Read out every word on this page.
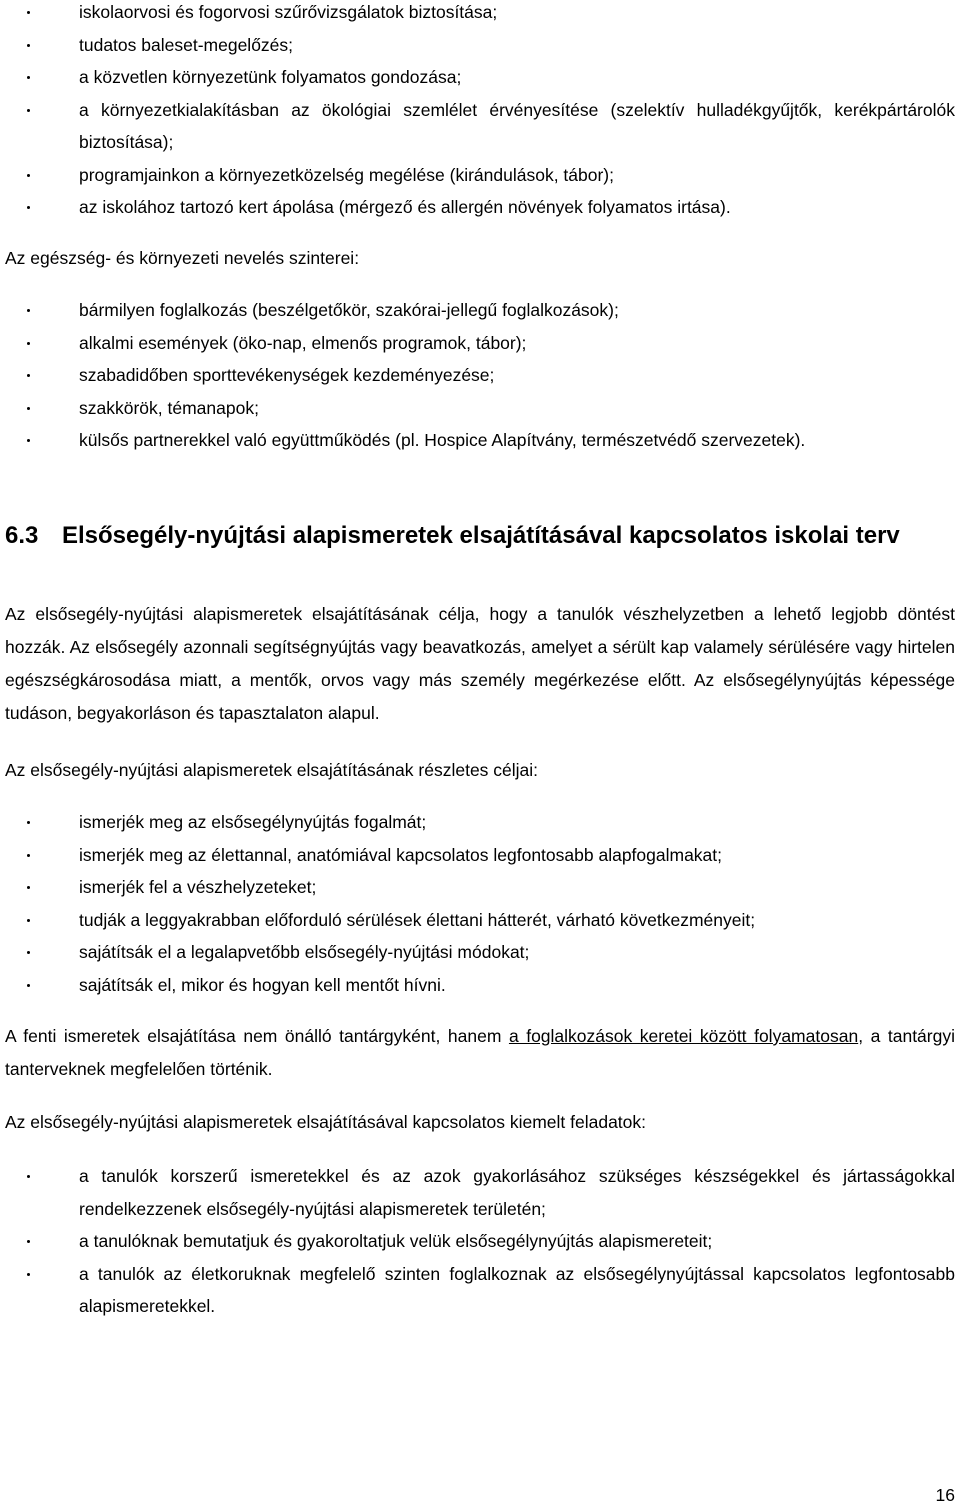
iskolaorvosi és fogorvosi szűrővizsgálatok biztosítása;
tudatos baleset-megelőzés;
a közvetlen környezetünk folyamatos gondozása;
a környezetkialakításban az ökológiai szemlélet érvényesítése (szelektív hulladékgyűjtők, kerékpártárolók biztosítása);
programjainkon a környezetközelség megélése (kirándulások, tábor);
az iskolához tartozó kert ápolása (mérgező és allergén növények folyamatos irtása).

Az egészség- és környezeti nevelés szinterei:

bármilyen foglalkozás (beszélgetőkör, szakórai-jellegű foglalkozások);
alkalmi események (öko-nap, elmenős programok, tábor);
szabadidőben sporttevékenységek kezdeményezése;
szakkörök, témanapok;
külsős partnerekkel való együttműködés (pl. Hospice Alapítvány, természetvédő szervezetek).
6.3 Elsősegély-nyújtási alapismeretek elsajátításával kapcsolatos iskolai terv

Az elsősegély-nyújtási alapismeretek elsajátításának célja, hogy a tanulók vészhelyzetben a lehető legjobb döntést hozzák. Az elsősegély azonnali segítségnyújtás vagy beavatkozás, amelyet a sérült kap valamely sérülésére vagy hirtelen egészségkárosodása miatt, a mentők, orvos vagy más személy megérkezése előtt. Az elsősegélynyújtás képessége tudáson, begyakorláson és tapasztalaton alapul.

Az elsősegély-nyújtási alapismeretek elsajátításának részletes céljai:

ismerjék meg az elsősegélynyújtás fogalmát;
ismerjék meg az élettannal, anatómiával kapcsolatos legfontosabb alapfogalmakat;
ismerjék fel a vészhelyzeteket;
tudják a leggyakrabban előforduló sérülések élettani hátterét, várható következményeit;
sajátítsák el a legalapvetőbb elsősegély-nyújtási módokat;
sajátítsák el, mikor és hogyan kell mentőt hívni.

A fenti ismeretek elsajátítása nem önálló tantárgyként, hanem a foglalkozások keretei között folyamatosan, a tantárgyi tanterveknek megfelelően történik.

Az elsősegély-nyújtási alapismeretek elsajátításával kapcsolatos kiemelt feladatok:

a tanulók korszerű ismeretekkel és az azok gyakorlásához szükséges készségekkel és jártasságokkal rendelkezzenek elsősegély-nyújtási alapismeretek területén;
a tanulóknak bemutatjuk és gyakoroltatjuk velük elsősegélynyújtás alapismereteit;
a tanulók az életkoruknak megfelelő szinten foglalkoznak az elsősegélynyújtással kapcsolatos legfontosabb alapismeretekkel.
16
